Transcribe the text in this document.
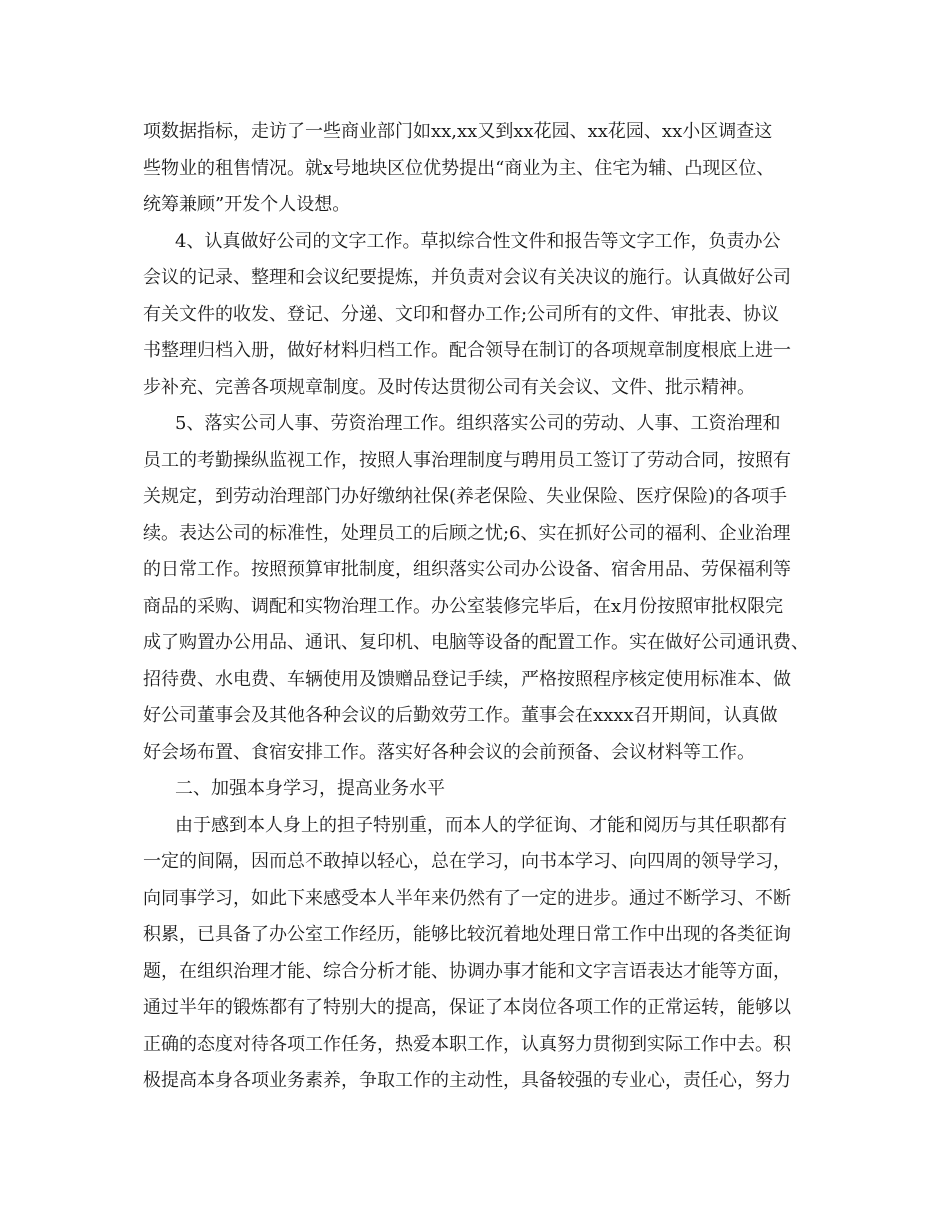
项数据指标，走访了一些商业部门如xx,xx又到xx花园、xx花园、xx小区调查这
些物业的租售情况。就x号地块区位优势提出“商业为主、住宅为辅、凸现区位、
统筹兼顾”开发个人设想。
4、认真做好公司的文字工作。草拟综合性文件和报告等文字工作，负责办公
会议的记录、整理和会议纪要提炼，并负责对会议有关决议的施行。认真做好公司
有关文件的收发、登记、分递、文印和督办工作;公司所有的文件、审批表、协议
书整理归档入册，做好材料归档工作。配合领导在制订的各项规章制度根底上进一
步补充、完善各项规章制度。及时传达贯彻公司有关会议、文件、批示精神。
5、落实公司人事、劳资治理工作。组织落实公司的劳动、人事、工资治理和
员工的考勤操纵监视工作，按照人事治理制度与聘用员工签订了劳动合同，按照有
关规定，到劳动治理部门办好缴纳社保(养老保险、失业保险、医疗保险)的各项手
续。表达公司的标准性，处理员工的后顾之忧;6、实在抓好公司的福利、企业治理
的日常工作。按照预算审批制度，组织落实公司办公设备、宿舍用品、劳保福利等
商品的采购、调配和实物治理工作。办公室装修完毕后，在x月份按照审批权限完
成了购置办公用品、通讯、复印机、电脑等设备的配置工作。实在做好公司通讯费、
招待费、水电费、车辆使用及馈赠品登记手续，严格按照程序核定使用标准本、做
好公司董事会及其他各种会议的后勤效劳工作。董事会在xxxx召开期间，认真做
好会场布置、食宿安排工作。落实好各种会议的会前预备、会议材料等工作。
二、加强本身学习，提高业务水平
由于感到本人身上的担子特别重，而本人的学征询、才能和阅历与其任职都有
一定的间隔，因而总不敢掉以轻心，总在学习，向书本学习、向四周的领导学习，
向同事学习，如此下来感受本人半年来仍然有了一定的进步。通过不断学习、不断
积累，已具备了办公室工作经历，能够比较沉着地处理日常工作中出现的各类征询
题，在组织治理才能、综合分析才能、协调办事才能和文字言语表达才能等方面，
通过半年的锻炼都有了特别大的提高，保证了本岗位各项工作的正常运转，能够以
正确的态度对待各项工作任务，热爱本职工作，认真努力贯彻到实际工作中去。积
极提高本身各项业务素养，争取工作的主动性，具备较强的专业心，责任心，努力
